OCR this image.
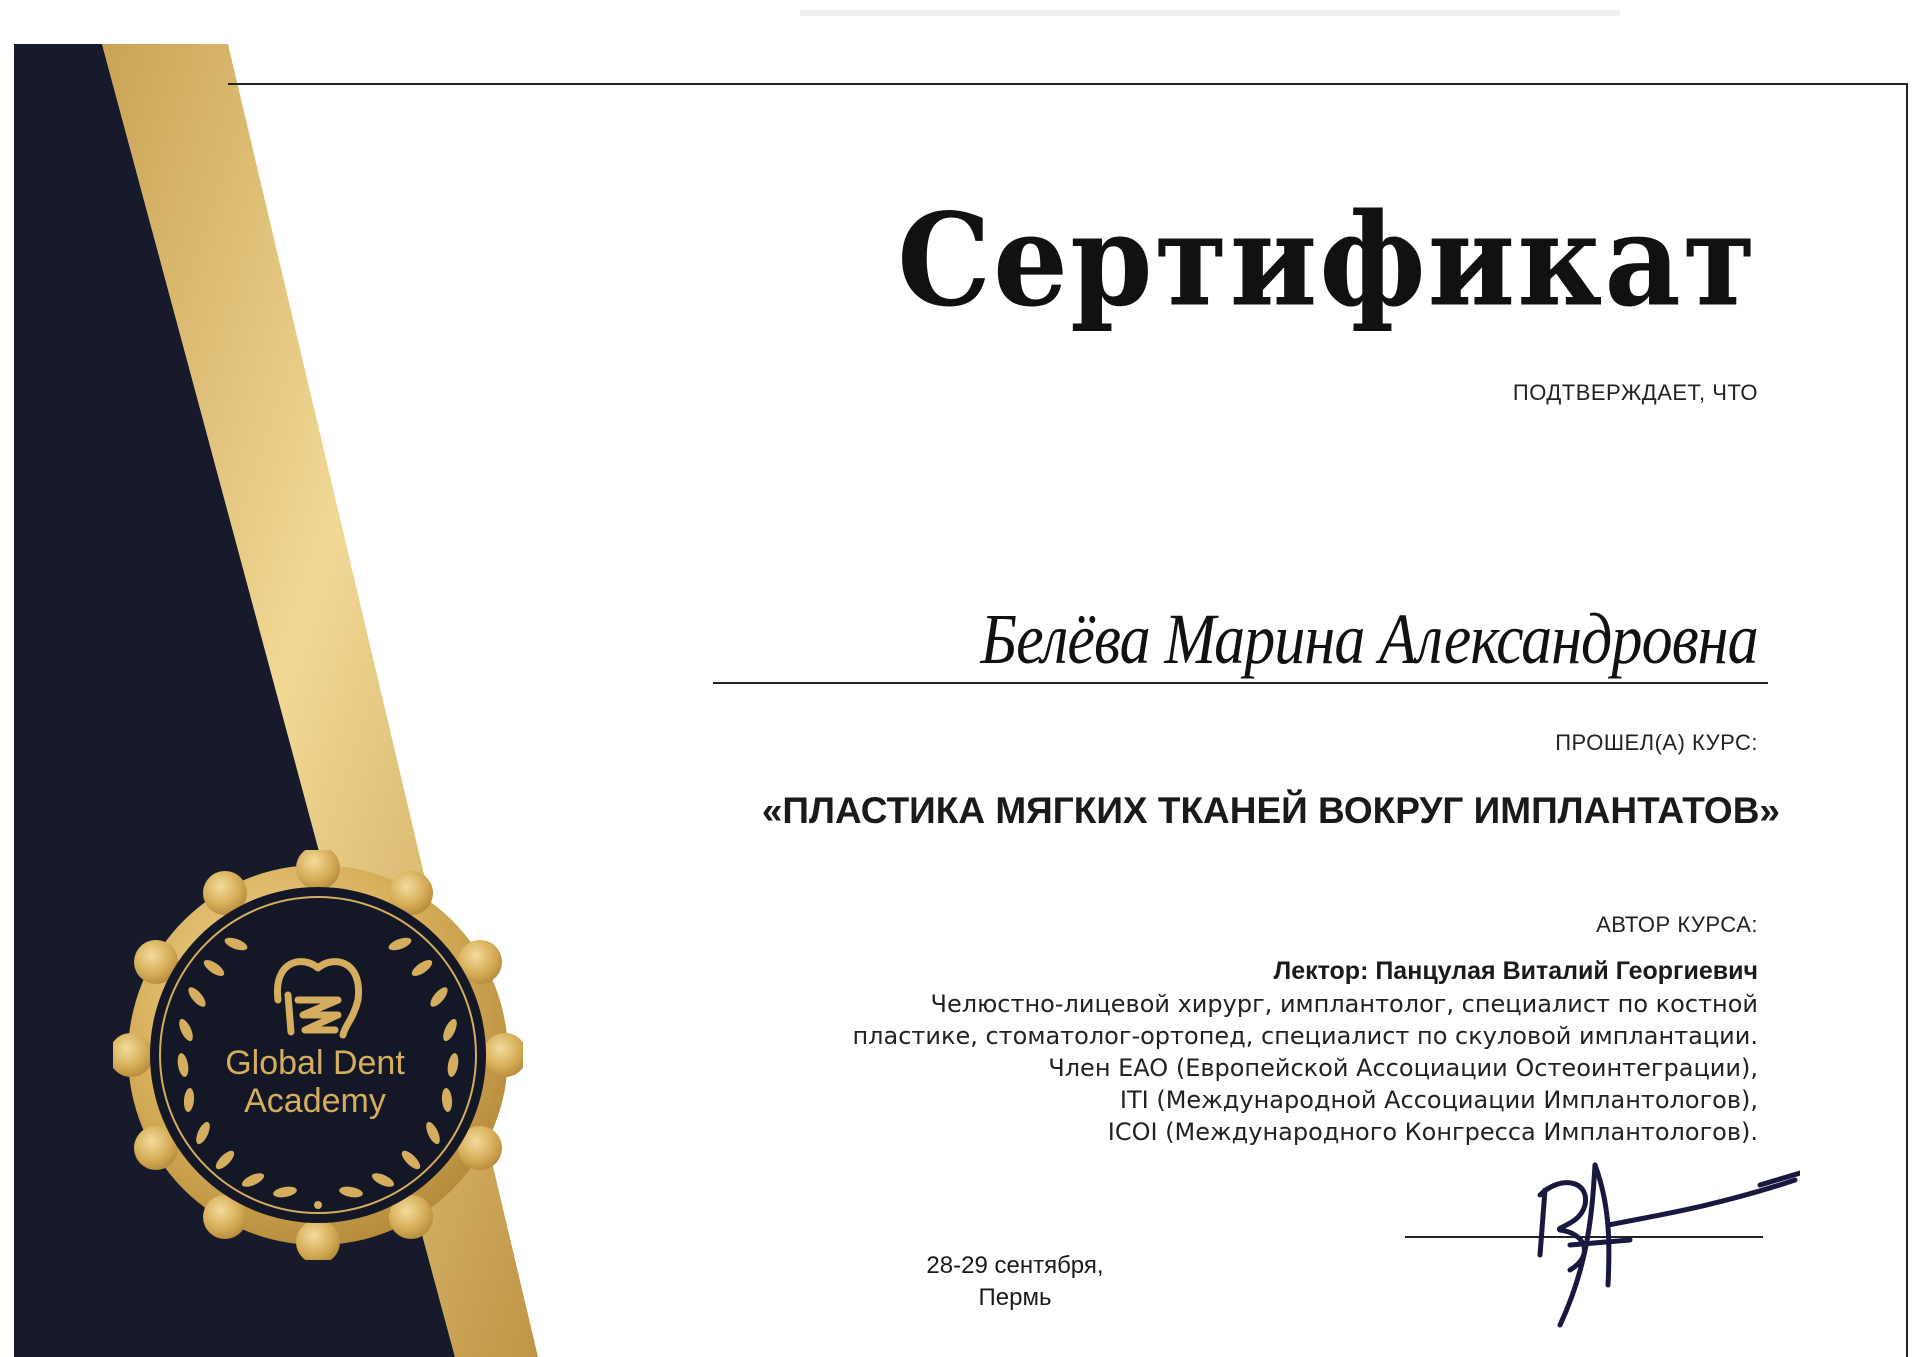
Сертификат

ПОДТВЕРЖДАЕТ, ЧТО

Белёва Марина Александровна

ПРОШЕЛ(А) КУРС:

«ПЛАСТИКА МЯГКИХ ТКАНЕЙ ВОКРУГ ИМПЛАНТАТОВ»

АВТОР КУРСА:

Лектор: Панцулая Виталий Георгиевич

Челюстно-лицевой хирург, имплантолог, специалист по костной

пластике, стоматолог-ортопед, специалист по скуловой имплантации.

Член EAO (Европейской Ассоциации Остеоинтеграции),

ITI (Международной Ассоциации Имплантологов),

ICOI (Международного Конгресса Имплантологов).

28-29 сентября,
Пермь
Global Dent
Academy
